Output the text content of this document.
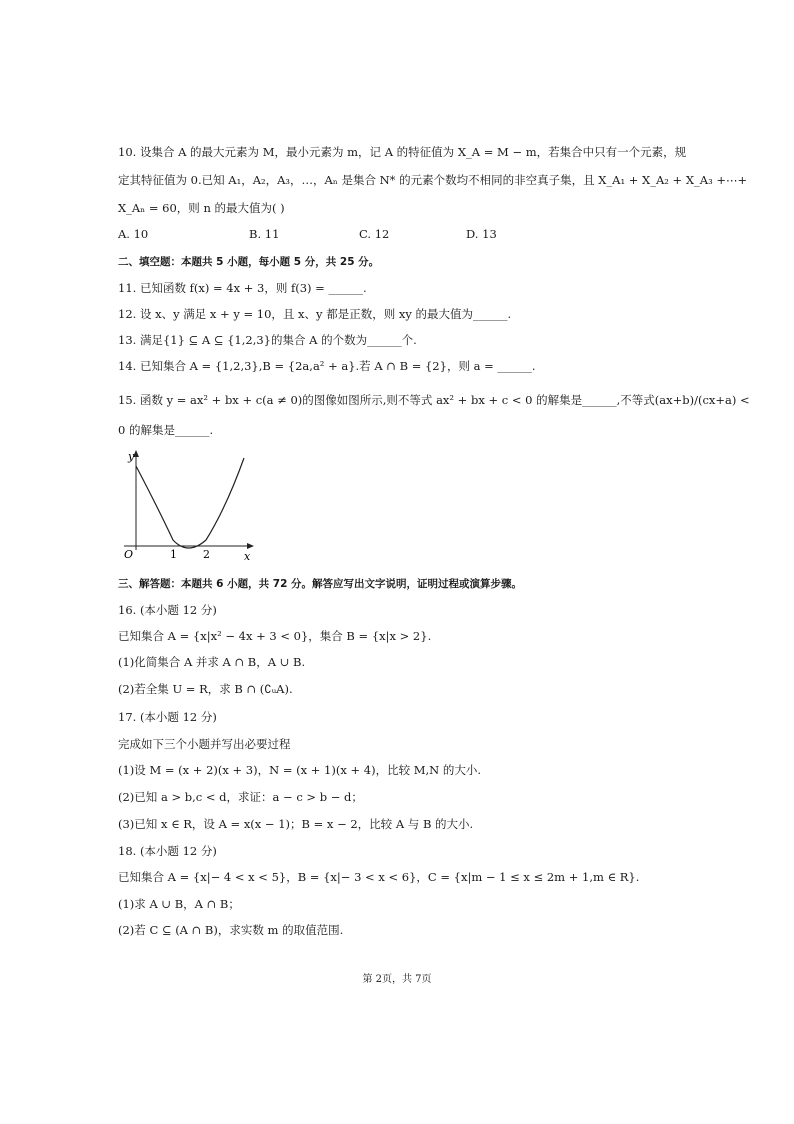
10. 设集合 A 的最大元素为 M，最小元素为 m，记 A 的特征值为 X_A = M − m，若集合中只有一个元素，规
定其特征值为 0.已知 A₁，A₂，A₃，…，Aₙ 是集合 N* 的元素个数均不相同的非空真子集，且 X_A₁ + X_A₂ + X_A₃ +⋯+
X_Aₙ = 60，则 n 的最大值为( )
A. 10	B. 11	C. 12	D. 13
二、填空题：本题共 5 小题，每小题 5 分，共 25 分。
11. 已知函数 f(x) = 4x + 3，则 f(3) = ______.
12. 设 x、y 满足 x + y = 10，且 x、y 都是正数，则 xy 的最大值为______.
13. 满足{1} ⊆ A ⊆ {1,2,3}的集合 A 的个数为______个.
14. 已知集合 A = {1,2,3},B = {2a,a² + a}.若 A ∩ B = {2}，则 a = ______.
15. 函数 y = ax² + bx + c(a ≠ 0)的图像如图所示,则不等式 ax² + bx + c < 0 的解集是______,不等式(ax+b)/(cx+a) <
0 的解集是______.
y
x
O	1 2
三、解答题：本题共 6 小题，共 72 分。解答应写出文字说明，证明过程或演算步骤。
16. (本小题 12 分)
已知集合 A = {x|x² − 4x + 3 < 0}，集合 B = {x|x > 2}.
(1)化简集合 A 并求 A ∩ B，A ∪ B.
(2)若全集 U = R，求 B ∩ (∁ᵤA).
17. (本小题 12 分)
完成如下三个小题并写出必要过程
(1)设 M = (x + 2)(x + 3)，N = (x + 1)(x + 4)，比较 M,N 的大小.
(2)已知 a > b,c < d，求证：a − c > b − d；
(3)已知 x ∈ R，设 A = x(x − 1)；B = x − 2，比较 A 与 B 的大小.
18. (本小题 12 分)
已知集合 A = {x|− 4 < x < 5}，B = {x|− 3 < x < 6}，C = {x|m − 1 ≤ x ≤ 2m + 1,m ∈ R}.
(1)求 A ∪ B，A ∩ B；
(2)若 C ⊆ (A ∩ B)，求实数 m 的取值范围.
第 2页，共 7页
